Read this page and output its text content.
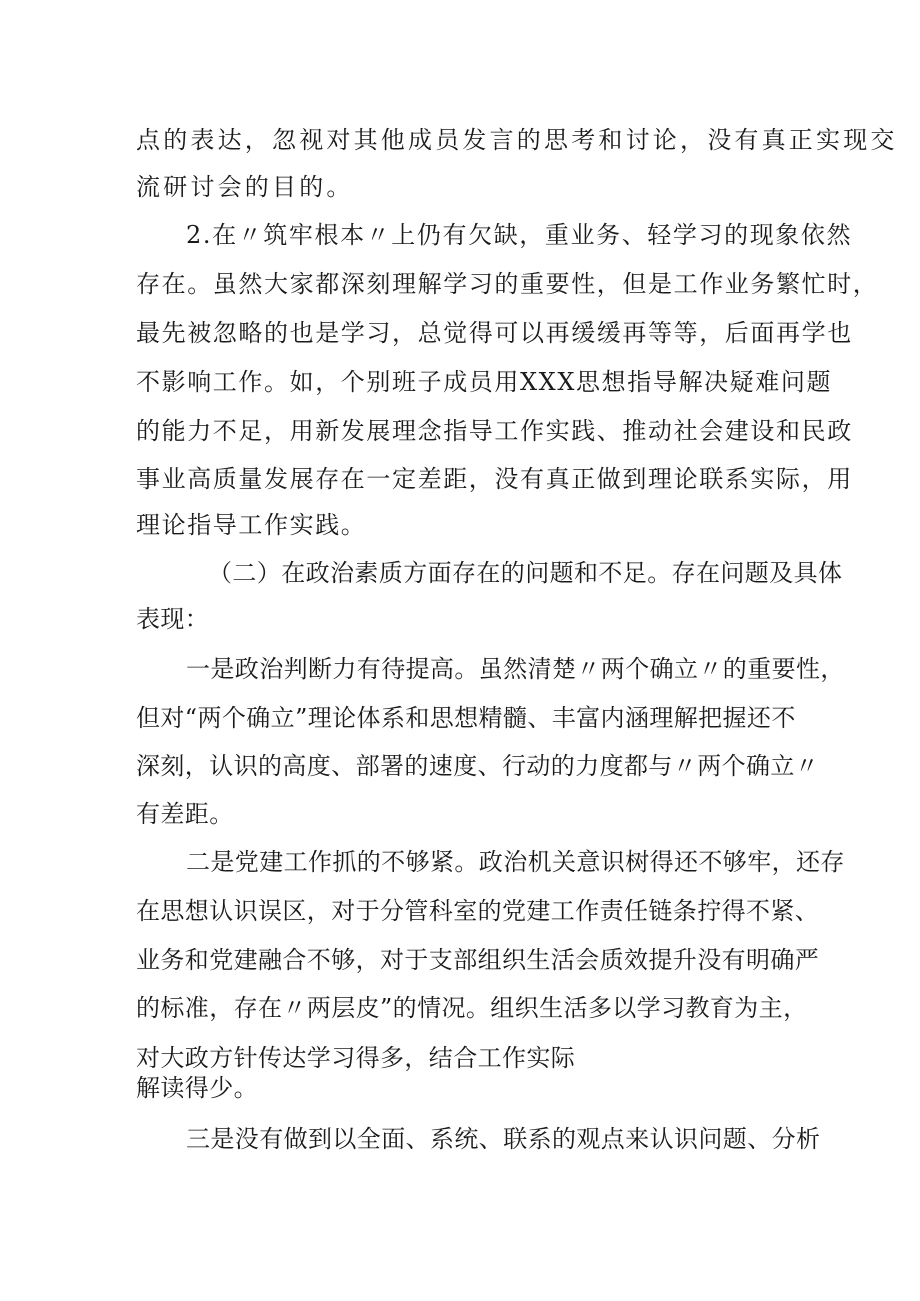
点的表达，忽视对其他成员发言的思考和讨论，没有真正实现交
流研讨会的目的。
2.在〃筑牢根本〃上仍有欠缺，重业务、轻学习的现象依然
存在。虽然大家都深刻理解学习的重要性，但是工作业务繁忙时，
最先被忽略的也是学习，总觉得可以再缓缓再等等，后面再学也
不影响工作。如，个别班子成员用XXX思想指导解决疑难问题
的能力不足，用新发展理念指导工作实践、推动社会建设和民政
事业高质量发展存在一定差距，没有真正做到理论联系实际，用
理论指导工作实践。
（二）在政治素质方面存在的问题和不足。存在问题及具体
表现：
一是政治判断力有待提高。虽然清楚〃两个确立〃的重要性，
但对“两个确立”理论体系和思想精髓、丰富内涵理解把握还不
深刻，认识的高度、部署的速度、行动的力度都与〃两个确立〃
有差距。
二是党建工作抓的不够紧。政治机关意识树得还不够牢，还存
在思想认识误区，对于分管科室的党建工作责任链条拧得不紧、
业务和党建融合不够，对于支部组织生活会质效提升没有明确严
的标准，存在〃两层皮”的情况。组织生活多以学习教育为主，
对大政方针传达学习得多，结合工作实际
解读得少。
三是没有做到以全面、系统、联系的观点来认识问题、分析
